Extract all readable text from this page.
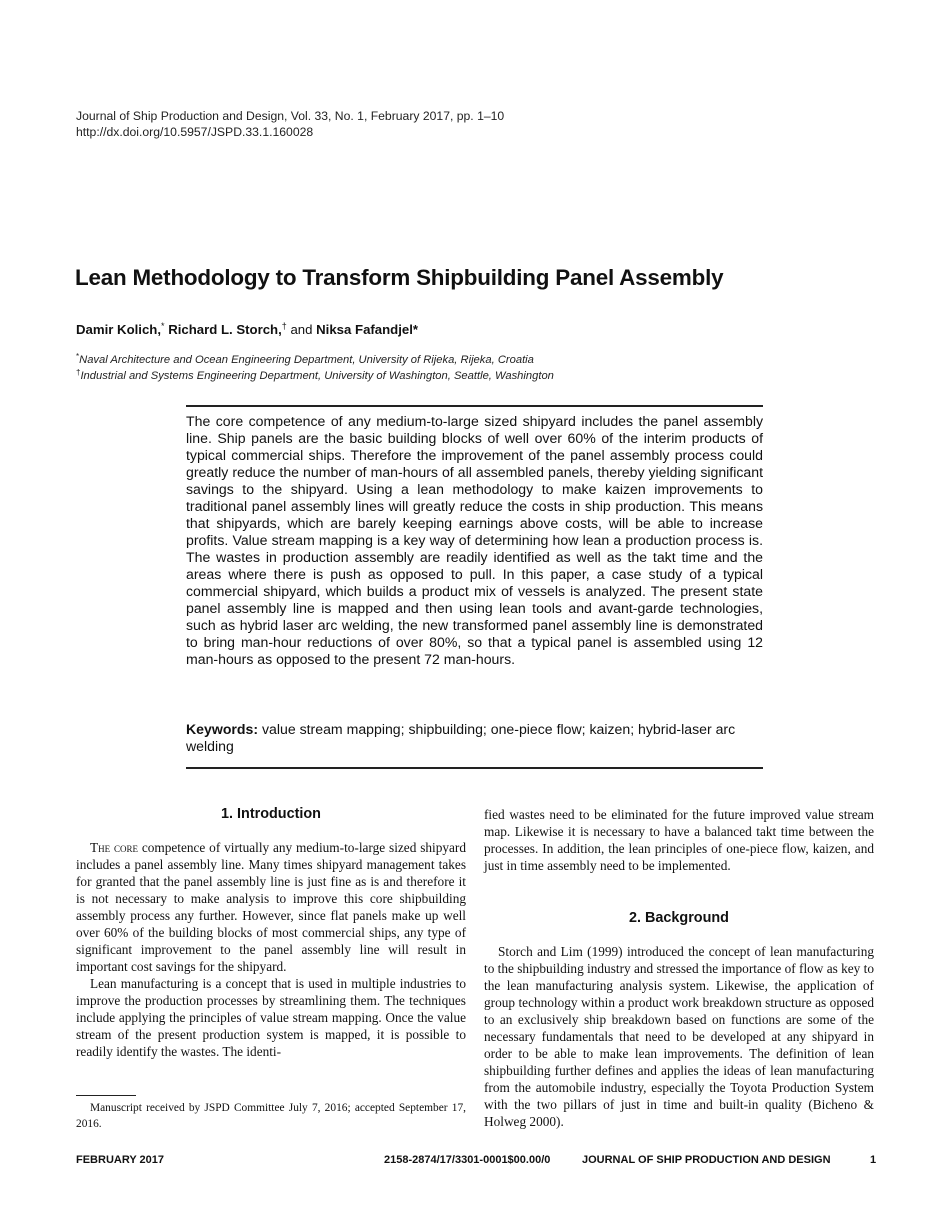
Journal of Ship Production and Design, Vol. 33, No. 1, February 2017, pp. 1–10
http://dx.doi.org/10.5957/JSPD.33.1.160028
Lean Methodology to Transform Shipbuilding Panel Assembly
Damir Kolich,* Richard L. Storch,† and Niksa Fafandjel*
*Naval Architecture and Ocean Engineering Department, University of Rijeka, Rijeka, Croatia
†Industrial and Systems Engineering Department, University of Washington, Seattle, Washington
The core competence of any medium-to-large sized shipyard includes the panel assembly line. Ship panels are the basic building blocks of well over 60% of the interim products of typical commercial ships. Therefore the improvement of the panel assembly process could greatly reduce the number of man-hours of all assembled panels, thereby yielding significant savings to the shipyard. Using a lean methodology to make kaizen improvements to traditional panel assembly lines will greatly reduce the costs in ship production. This means that shipyards, which are barely keeping earnings above costs, will be able to increase profits. Value stream mapping is a key way of determining how lean a production process is. The wastes in production assembly are readily identified as well as the takt time and the areas where there is push as opposed to pull. In this paper, a case study of a typical commercial shipyard, which builds a product mix of vessels is analyzed. The present state panel assembly line is mapped and then using lean tools and avant-garde technologies, such as hybrid laser arc welding, the new transformed panel assembly line is demonstrated to bring man-hour reductions of over 80%, so that a typical panel is assembled using 12 man-hours as opposed to the present 72 man-hours.
Keywords: value stream mapping; shipbuilding; one-piece flow; kaizen; hybrid-laser arc welding
1. Introduction

The core competence of virtually any medium-to-large sized shipyard includes a panel assembly line. Many times shipyard management takes for granted that the panel assembly line is just fine as is and therefore it is not necessary to make analysis to improve this core shipbuilding assembly process any further. However, since flat panels make up well over 60% of the building blocks of most commercial ships, any type of significant improvement to the panel assembly line will result in important cost savings for the shipyard.

Lean manufacturing is a concept that is used in multiple industries to improve the production processes by streamlining them. The techniques include applying the principles of value stream mapping. Once the value stream of the present production system is mapped, it is possible to readily identify the wastes. The identi-

Manuscript received by JSPD Committee July 7, 2016; accepted September 17, 2016.

fied wastes need to be eliminated for the future improved value stream map. Likewise it is necessary to have a balanced takt time between the processes. In addition, the lean principles of one-piece flow, kaizen, and just in time assembly need to be implemented.

2. Background

Storch and Lim (1999) introduced the concept of lean manufacturing to the shipbuilding industry and stressed the importance of flow as key to the lean manufacturing analysis system. Likewise, the application of group technology within a product work breakdown structure as opposed to an exclusively ship breakdown based on functions are some of the necessary fundamentals that need to be developed at any shipyard in order to be able to make lean improvements. The definition of lean shipbuilding further defines and applies the ideas of lean manufacturing from the automobile industry, especially the Toyota Production System with the two pillars of just in time and built-in quality (Bicheno & Holweg 2000).

FEBRUARY 2017	2158-2874/17/3301-0001$00.00/0	JOURNAL OF SHIP PRODUCTION AND DESIGN	1
